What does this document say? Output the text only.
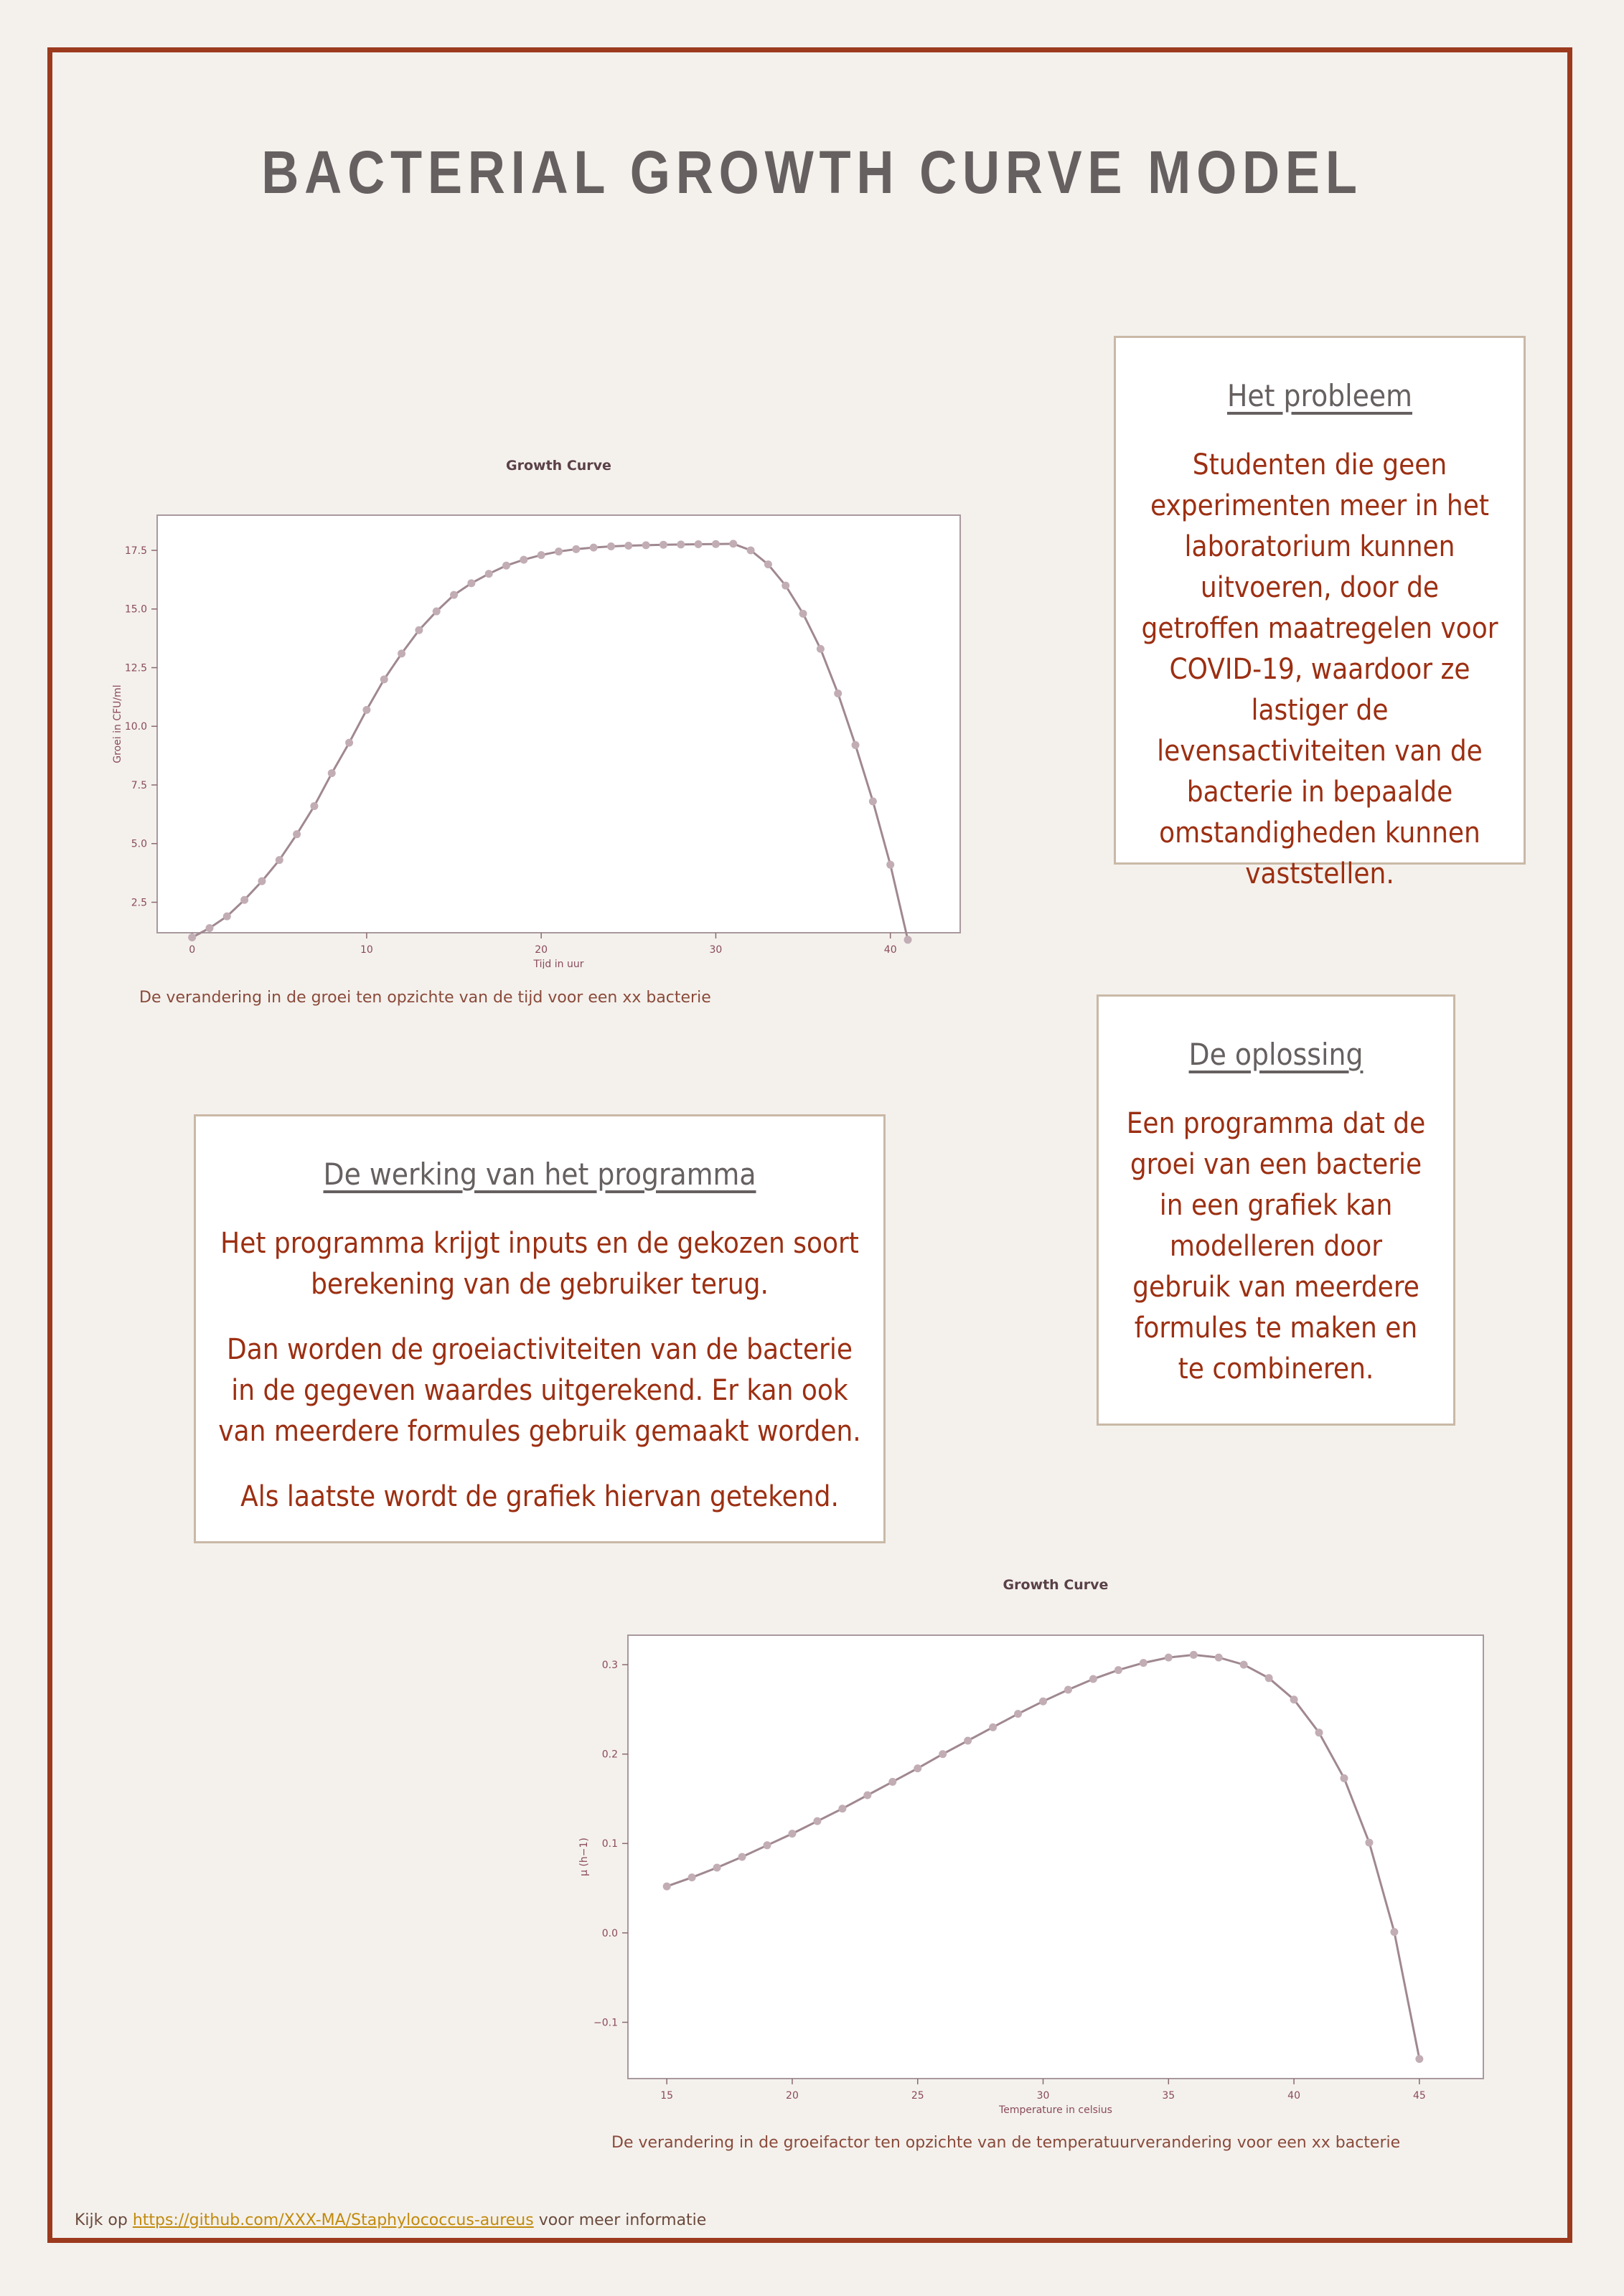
BACTERIAL GROWTH CURVE MODEL
Growth Curve
0	10	20	30	40
2.5
5.0
7.5
10.0
12.5
15.0
17.5
Tijd in uur
Groei in CFU/ml
De verandering in de groei ten opzichte van de tijd voor een xx bacterie
Het probleem
Studenten die geen experimenten meer in het laboratorium kunnen uitvoeren, door de getroffen maatregelen voor COVID-19, waardoor ze lastiger de levensactiviteiten van de bacterie in bepaalde omstandigheden kunnen vaststellen.
De oplossing
Een programma dat de groei van een bacterie in een grafiek kan modelleren door gebruik van meerdere formules te maken en te combineren.
De werking van het programma
Het programma krijgt inputs en de gekozen soort berekening van de gebruiker terug.
Dan worden de groeiactiviteiten van de bacterie in de gegeven waardes uitgerekend. Er kan ook van meerdere formules gebruik gemaakt worden.
Als laatste wordt de grafiek hiervan getekend.
Growth Curve
15	20	25	30	35	40	45
−0.1
0.0
0.1
0.2
0.3
Temperature in celsius
μ (h−1)
De verandering in de groeifactor ten opzichte van de temperatuurverandering voor een xx bacterie
Kijk op https://github.com/XXX-MA/Staphylococcus-aureus voor meer informatie
